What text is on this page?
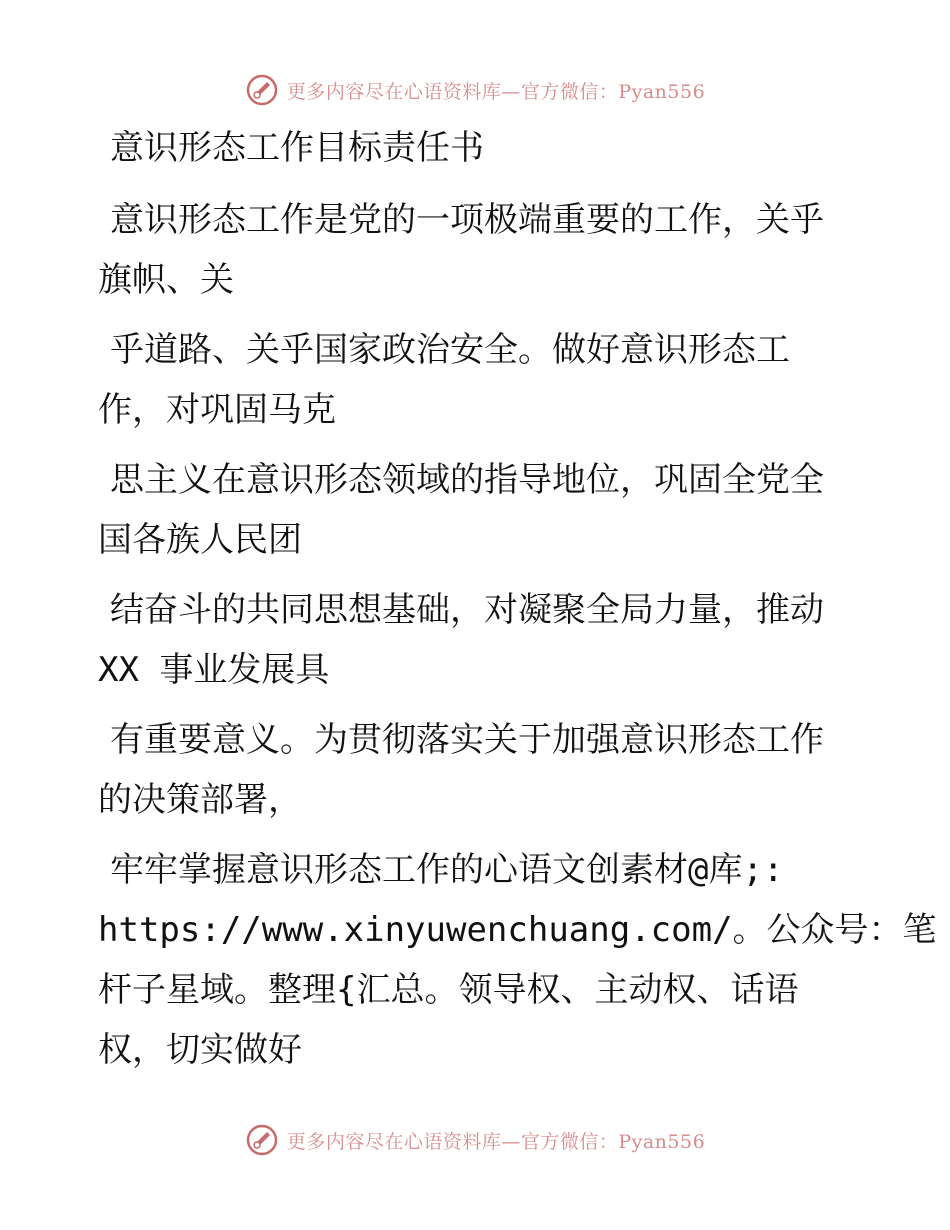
更多内容尽在心语资料库—官方微信：Pyan556

意识形态工作目标责任书

意识形态工作是党的一项极端重要的工作，关乎

旗帜、关

乎道路、关乎国家政治安全。做好意识形态工

作，对巩固马克

思主义在意识形态领域的指导地位，巩固全党全

国各族人民团

结奋斗的共同思想基础，对凝聚全局力量，推动

XX 事业发展具

有重要意义。为贯彻落实关于加强意识形态工作

的决策部署，

牢牢掌握意识形态工作的心语文创素材@库;:

https://www.xinyuwenchuang.com/。公众号：笔

杆子星域。整理{汇总。领导权、主动权、话语

权，切实做好

更多内容尽在心语资料库—官方微信：Pyan556
